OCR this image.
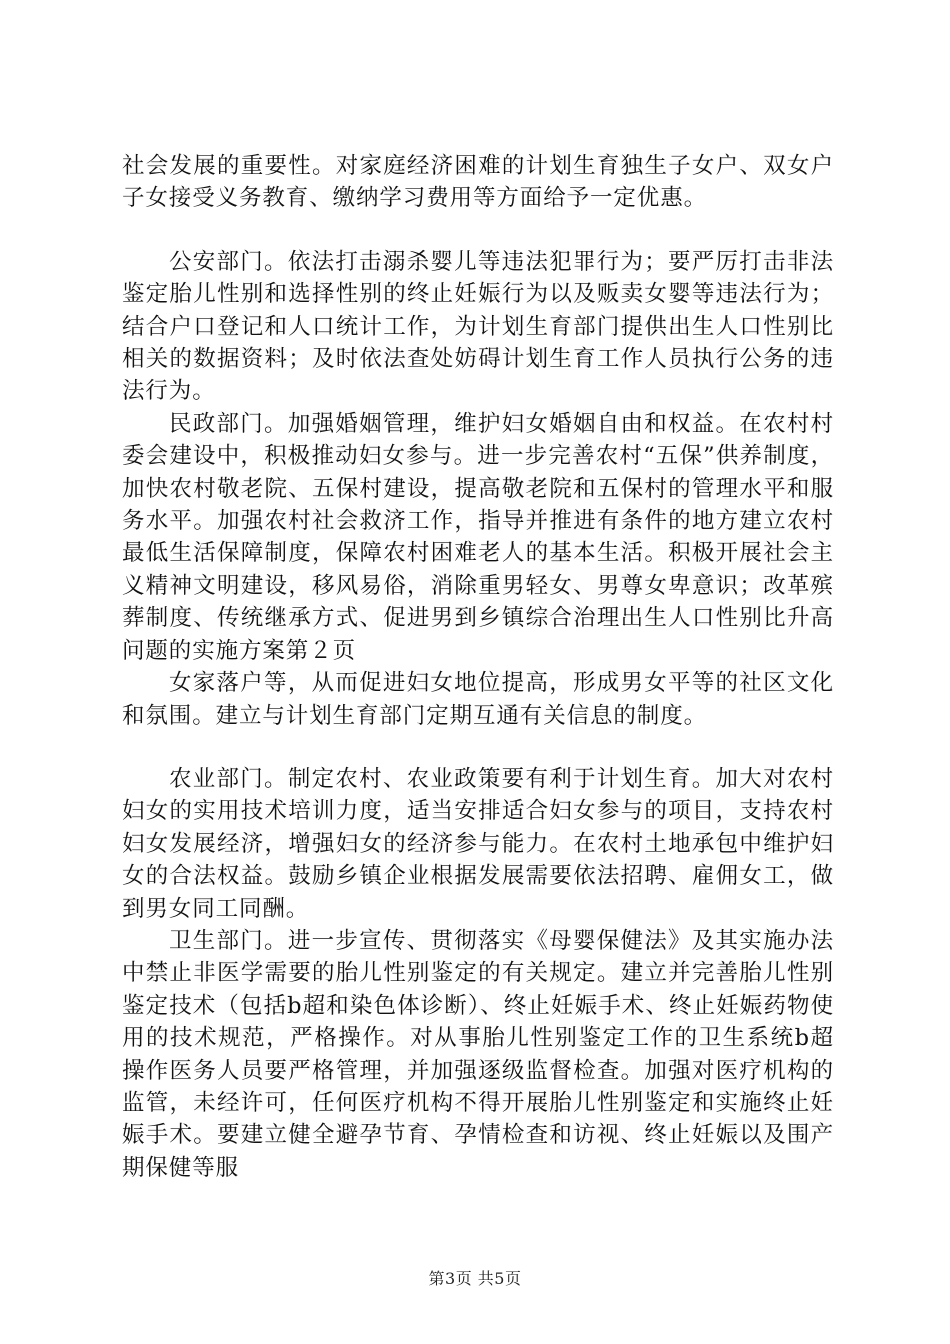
社会发展的重要性。对家庭经济困难的计划生育独生子女户、双女户子女接受义务教育、缴纳学习费用等方面给予一定优惠。

公安部门。依法打击溺杀婴儿等违法犯罪行为；要严厉打击非法鉴定胎儿性别和选择性别的终止妊娠行为以及贩卖女婴等违法行为；结合户口登记和人口统计工作，为计划生育部门提供出生人口性别比相关的数据资料；及时依法查处妨碍计划生育工作人员执行公务的违法行为。

民政部门。加强婚姻管理，维护妇女婚姻自由和权益。在农村村委会建设中，积极推动妇女参与。进一步完善农村“五保”供养制度，加快农村敬老院、五保村建设，提高敬老院和五保村的管理水平和服务水平。加强农村社会救济工作，指导并推进有条件的地方建立农村最低生活保障制度，保障农村困难老人的基本生活。积极开展社会主义精神文明建设，移风易俗，消除重男轻女、男尊女卑意识；改革殡葬制度、传统继承方式、促进男到乡镇综合治理出生人口性别比升高问题的实施方案第２页

女家落户等，从而促进妇女地位提高，形成男女平等的社区文化和氛围。建立与计划生育部门定期互通有关信息的制度。

农业部门。制定农村、农业政策要有利于计划生育。加大对农村妇女的实用技术培训力度，适当安排适合妇女参与的项目，支持农村妇女发展经济，增强妇女的经济参与能力。在农村土地承包中维护妇女的合法权益。鼓励乡镇企业根据发展需要依法招聘、雇佣女工，做到男女同工同酬。

卫生部门。进一步宣传、贯彻落实《母婴保健法》及其实施办法中禁止非医学需要的胎儿性别鉴定的有关规定。建立并完善胎儿性别鉴定技术（包括b超和染色体诊断）、终止妊娠手术、终止妊娠药物使用的技术规范，严格操作。对从事胎儿性别鉴定工作的卫生系统b超操作医务人员要严格管理，并加强逐级监督检查。加强对医疗机构的监管，未经许可，任何医疗机构不得开展胎儿性别鉴定和实施终止妊娠手术。要建立健全避孕节育、孕情检查和访视、终止妊娠以及围产期保健等服

第3页 共5页
